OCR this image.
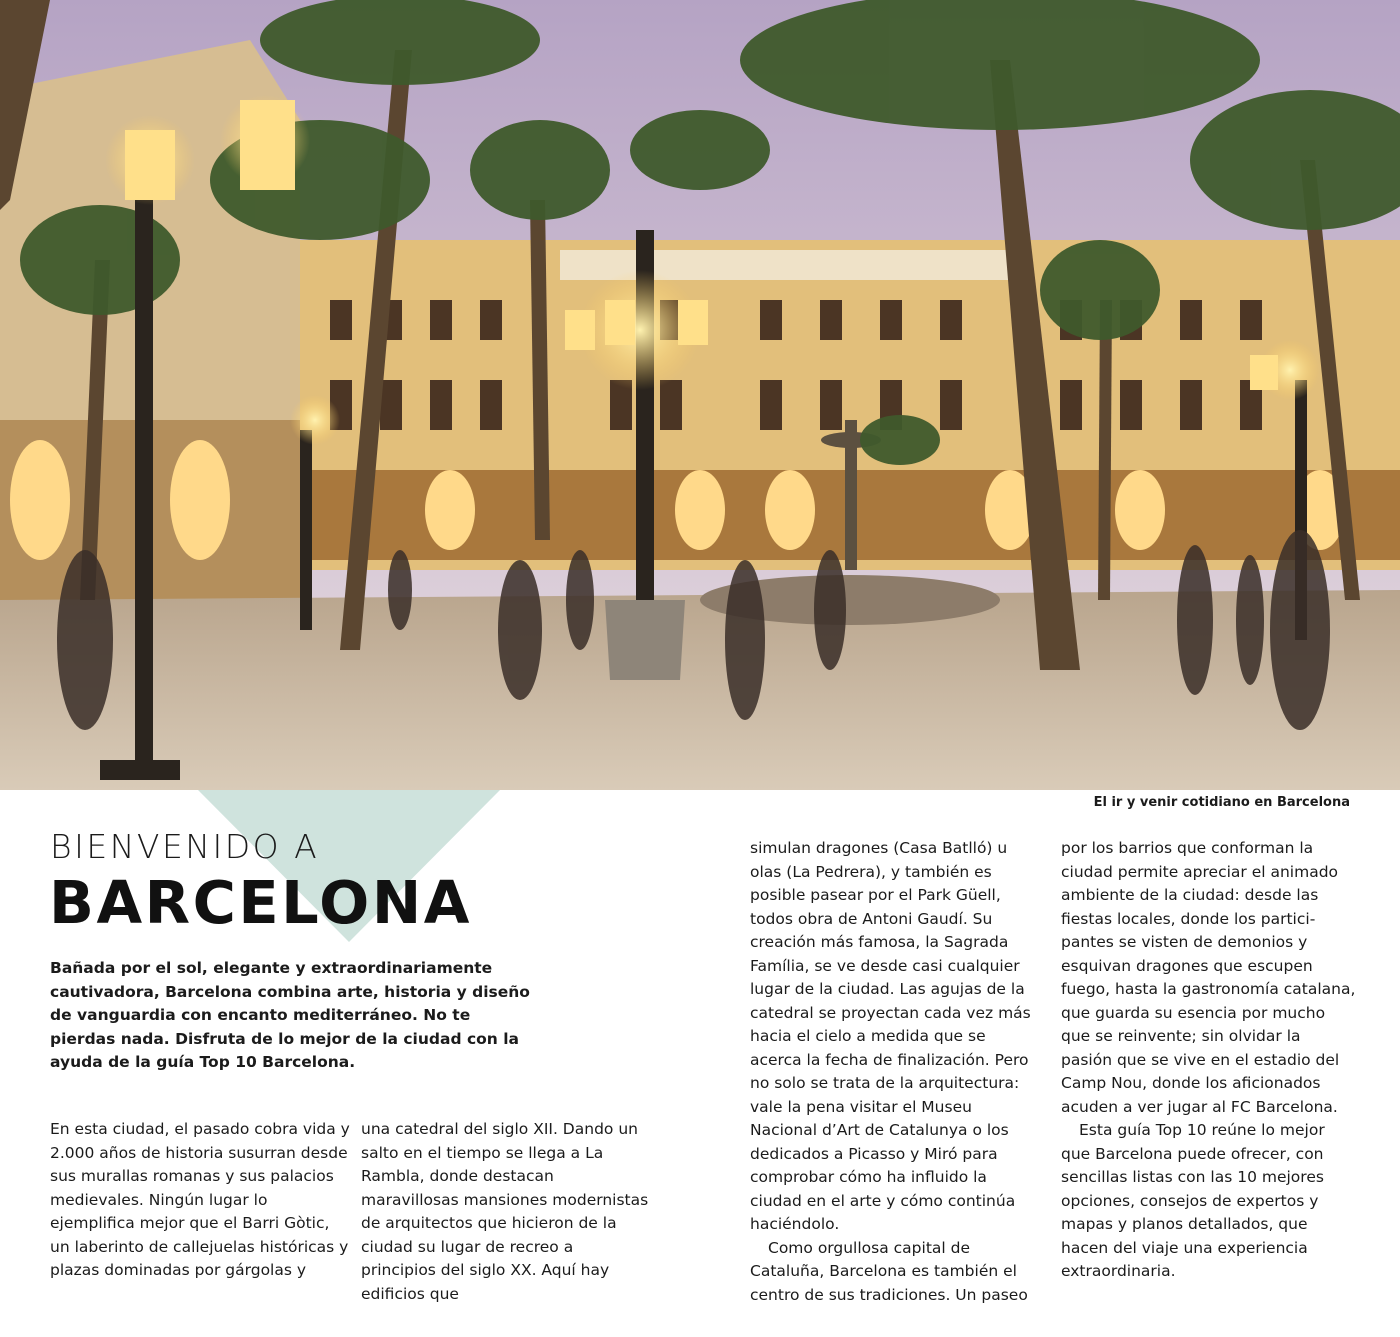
El ir y venir cotidiano en Barcelona
BIENVENIDO A
BARCELONA

Bañada por el sol, elegante y extraordinariamente cautivadora, Barcelona combina arte, historia y diseño de vanguardia con encanto mediterráneo. No te pierdas nada. Disfruta de lo mejor de la ciudad con la ayuda de la guía Top 10 Barcelona.

En esta ciudad, el pasado cobra vida y 2.000 años de historia susurran desde sus murallas romanas y sus palacios medievales. Ningún lugar lo ejemplifica mejor que el Barri Gòtic, un laberinto de callejuelas históricas y plazas dominadas por gárgolas y

una catedral del siglo XII. Dando un salto en el tiempo se llega a La Rambla, donde destacan maravillosas mansiones modernistas de arquitectos que hicieron de la ciudad su lugar de recreo a principios del siglo XX. Aquí hay edificios que

simulan dragones (Casa Batlló) u olas (La Pedrera), y también es posible pasear por el Park Güell, todos obra de Antoni Gaudí. Su creación más famosa, la Sagrada Família, se ve desde casi cualquier lugar de la ciudad. Las agujas de la catedral se proyectan cada vez más hacia el cielo a medida que se acerca la fecha de finalización. Pero no solo se trata de la arquitectura: vale la pena visitar el Museu Nacional d’Art de Catalunya o los dedicados a Picasso y Miró para comprobar cómo ha influido la ciudad en el arte y cómo continúa haciéndolo.

Como orgullosa capital de Cataluña, Barcelona es también el centro de sus tradiciones. Un paseo

por los barrios que conforman la ciudad permite apreciar el animado ambiente de la ciudad: desde las fiestas locales, donde los partici-pantes se visten de demonios y esquivan dragones que escupen fuego, hasta la gastronomía catalana, que guarda su esencia por mucho que se reinvente; sin olvidar la pasión que se vive en el estadio del Camp Nou, donde los aficionados acuden a ver jugar al FC Barcelona.

Esta guía Top 10 reúne lo mejor que Barcelona puede ofrecer, con sencillas listas con las 10 mejores opciones, consejos de expertos y mapas y planos detallados, que hacen del viaje una experiencia extraordinaria.
